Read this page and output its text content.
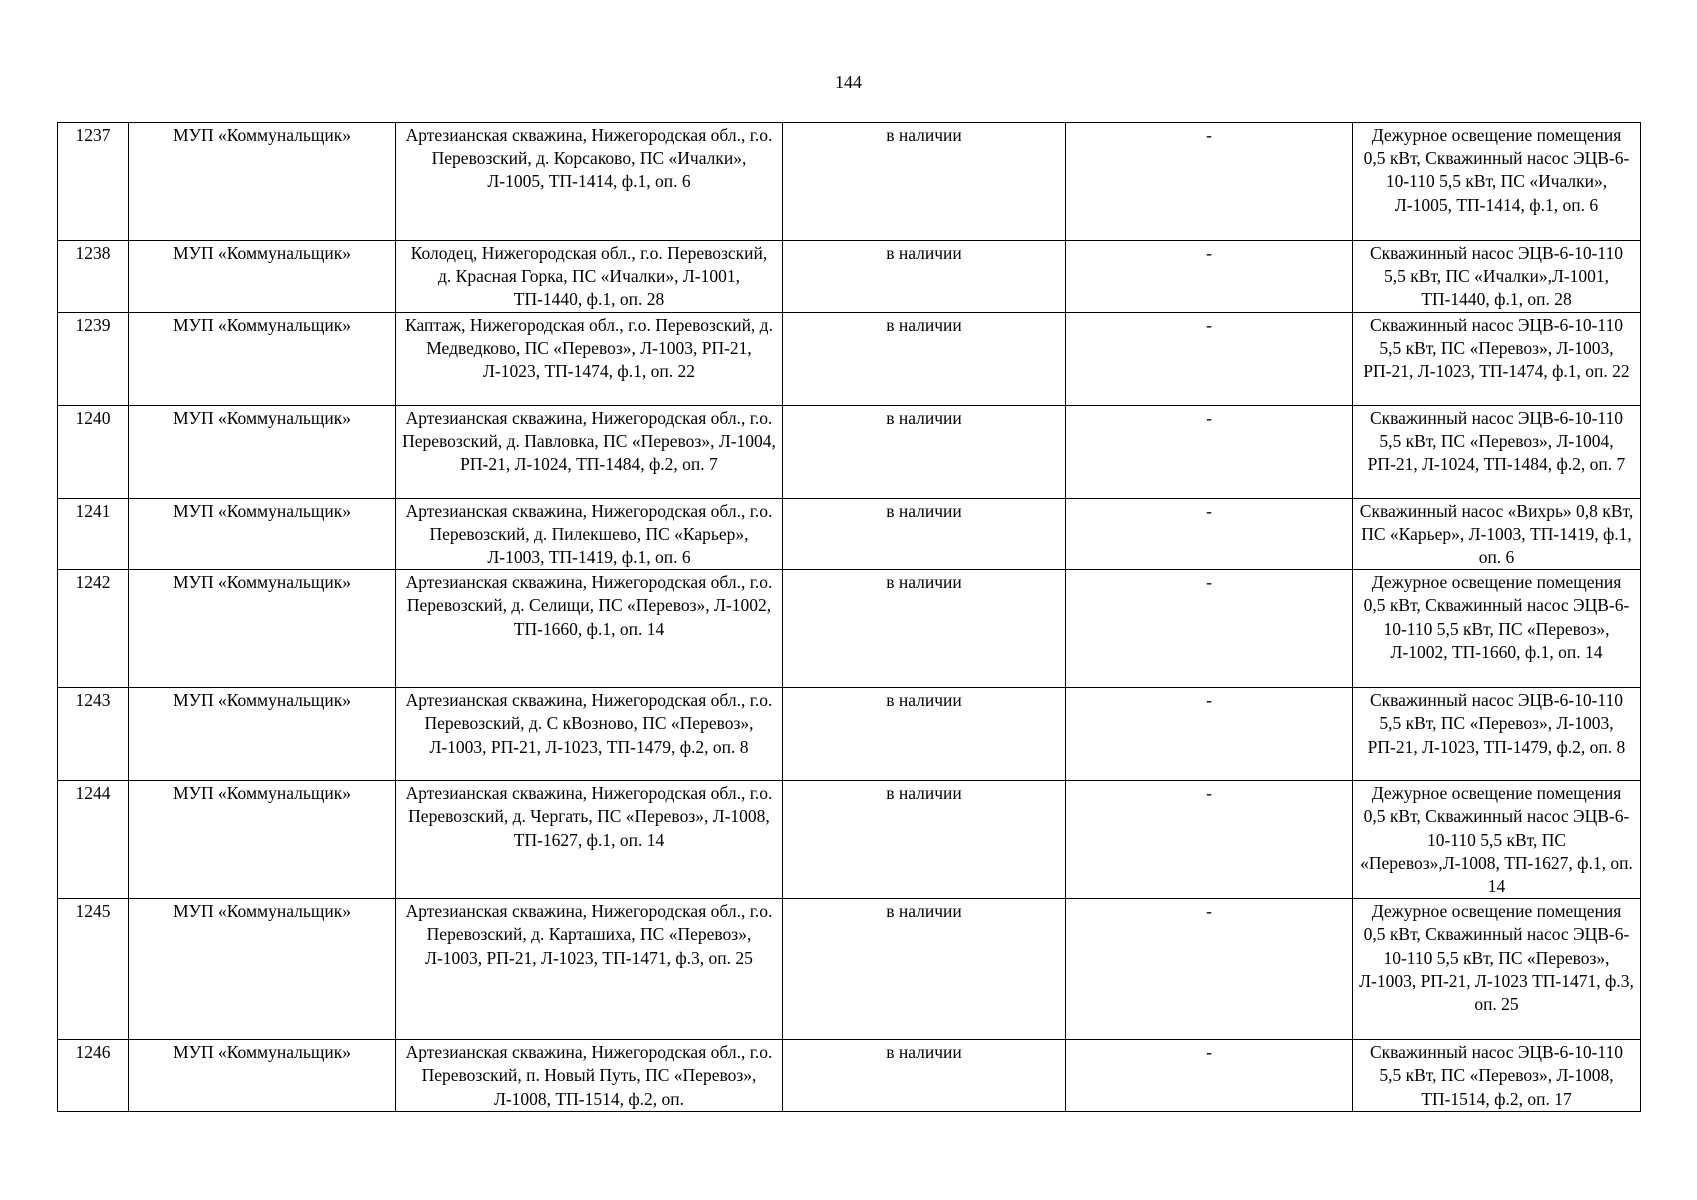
144
1237	МУП «Коммунальщик»	Артезианская скважина, Нижегородская обл., г.о. Перевозский, д. Корсаково, ПС «Ичалки», Л-1005, ТП-1414, ф.1, оп. 6	в наличии	-	Дежурное освещение помещения 0,5 кВт, Скважинный насос ЭЦВ-6-10-110 5,5 кВт, ПС «Ичалки», Л-1005, ТП-1414, ф.1, оп. 6
1238	МУП «Коммунальщик»	Колодец, Нижегородская обл., г.о. Перевозский, д. Красная Горка, ПС «Ичалки», Л-1001, ТП-1440, ф.1, оп. 28	в наличии	-	Скважинный насос ЭЦВ-6-10-110 5,5 кВт, ПС «Ичалки»,Л-1001, ТП-1440, ф.1, оп. 28
1239	МУП «Коммунальщик»	Каптаж, Нижегородская обл., г.о. Перевозский, д. Медведково, ПС «Перевоз», Л-1003, РП-21, Л-1023, ТП-1474, ф.1, оп. 22	в наличии	-	Скважинный насос ЭЦВ-6-10-110 5,5 кВт, ПС «Перевоз», Л-1003, РП-21, Л-1023, ТП-1474, ф.1, оп. 22
1240	МУП «Коммунальщик»	Артезианская скважина, Нижегородская обл., г.о. Перевозский, д. Павловка, ПС «Перевоз», Л-1004, РП-21, Л-1024, ТП-1484, ф.2, оп. 7	в наличии	-	Скважинный насос ЭЦВ-6-10-110 5,5 кВт, ПС «Перевоз», Л-1004, РП-21, Л-1024, ТП-1484, ф.2, оп. 7
1241	МУП «Коммунальщик»	Артезианская скважина, Нижегородская обл., г.о. Перевозский, д. Пилекшево, ПС «Карьер», Л-1003, ТП-1419, ф.1, оп. 6	в наличии	-	Скважинный насос «Вихрь» 0,8 кВт, ПС «Карьер», Л-1003, ТП-1419, ф.1, оп. 6
1242	МУП «Коммунальщик»	Артезианская скважина, Нижегородская обл., г.о. Перевозский, д. Селищи, ПС «Перевоз», Л-1002, ТП-1660, ф.1, оп. 14	в наличии	-	Дежурное освещение помещения 0,5 кВт, Скважинный насос ЭЦВ-6-10-110 5,5 кВт, ПС «Перевоз», Л-1002, ТП-1660, ф.1, оп. 14
1243	МУП «Коммунальщик»	Артезианская скважина, Нижегородская обл., г.о. Перевозский, д. С кВозново, ПС «Перевоз», Л-1003, РП-21, Л-1023, ТП-1479, ф.2, оп. 8	в наличии	-	Скважинный насос ЭЦВ-6-10-110 5,5 кВт, ПС «Перевоз», Л-1003, РП-21, Л-1023, ТП-1479, ф.2, оп. 8
1244	МУП «Коммунальщик»	Артезианская скважина, Нижегородская обл., г.о. Перевозский, д. Чергать, ПС «Перевоз», Л-1008, ТП-1627, ф.1, оп. 14	в наличии	-	Дежурное освещение помещения 0,5 кВт, Скважинный насос ЭЦВ-6-10-110 5,5 кВт, ПС «Перевоз»,Л-1008, ТП-1627, ф.1, оп. 14
1245	МУП «Коммунальщик»	Артезианская скважина, Нижегородская обл., г.о. Перевозский, д. Карташиха, ПС «Перевоз», Л-1003, РП-21, Л-1023, ТП-1471, ф.3, оп. 25	в наличии	-	Дежурное освещение помещения 0,5 кВт, Скважинный насос ЭЦВ-6-10-110 5,5 кВт, ПС «Перевоз», Л-1003, РП-21, Л-1023 ТП-1471, ф.3, оп. 25
1246	МУП «Коммунальщик»	Артезианская скважина, Нижегородская обл., г.о. Перевозский, п. Новый Путь, ПС «Перевоз», Л-1008, ТП-1514, ф.2, оп.	в наличии	-	Скважинный насос ЭЦВ-6-10-110 5,5 кВт, ПС «Перевоз», Л-1008, ТП-1514, ф.2, оп. 17
